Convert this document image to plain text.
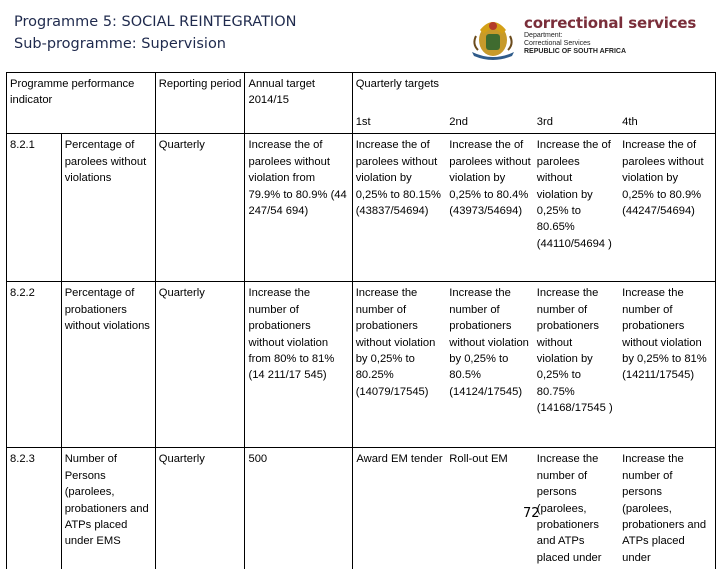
Programme 5: SOCIAL REINTEGRATION
Sub-programme: Supervision
correctional services
Department:
Correctional Services
REPUBLIC OF SOUTH AFRICA
Programme performance indicator		Reporting period	Annual target 2014/15	Quarterly targets			
				1st	2nd	3rd	4th
8.2.1	Percentage of parolees without violations	Quarterly	Increase the of parolees without violation from 79.9% to 80.9% (44 247/54 694)	Increase the of parolees without violation by 0,25% to 80.15% (43837/54694)	Increase the of parolees without violation by 0,25% to 80.4% (43973/54694)	Increase the of parolees without violation by 0,25% to 80.65% (44110/54694 )	Increase the of parolees without violation by 0,25% to 80.9% (44247/54694)
8.2.2	Percentage of probationers without violations	Quarterly	Increase the number of probationers without violation from 80% to 81% (14 211/17 545)	Increase the number of probationers without violation by 0,25% to 80.25% (14079/17545)	Increase the number of probationers without violation by 0,25% to 80.5% (14124/17545)	Increase the number of probationers without violation by 0,25% to 80.75% (14168/17545 )	Increase the number of probationers without violation by 0,25% to 81% (14211/17545)
8.2.3	Number of Persons (parolees, probationers and ATPs placed under EMS	Quarterly	500	Award EM tender	Roll-out EM	Increase the number of persons (parolees, probationers and ATPs placed under	Increase the number of persons (parolees, probationers and ATPs placed under
72
